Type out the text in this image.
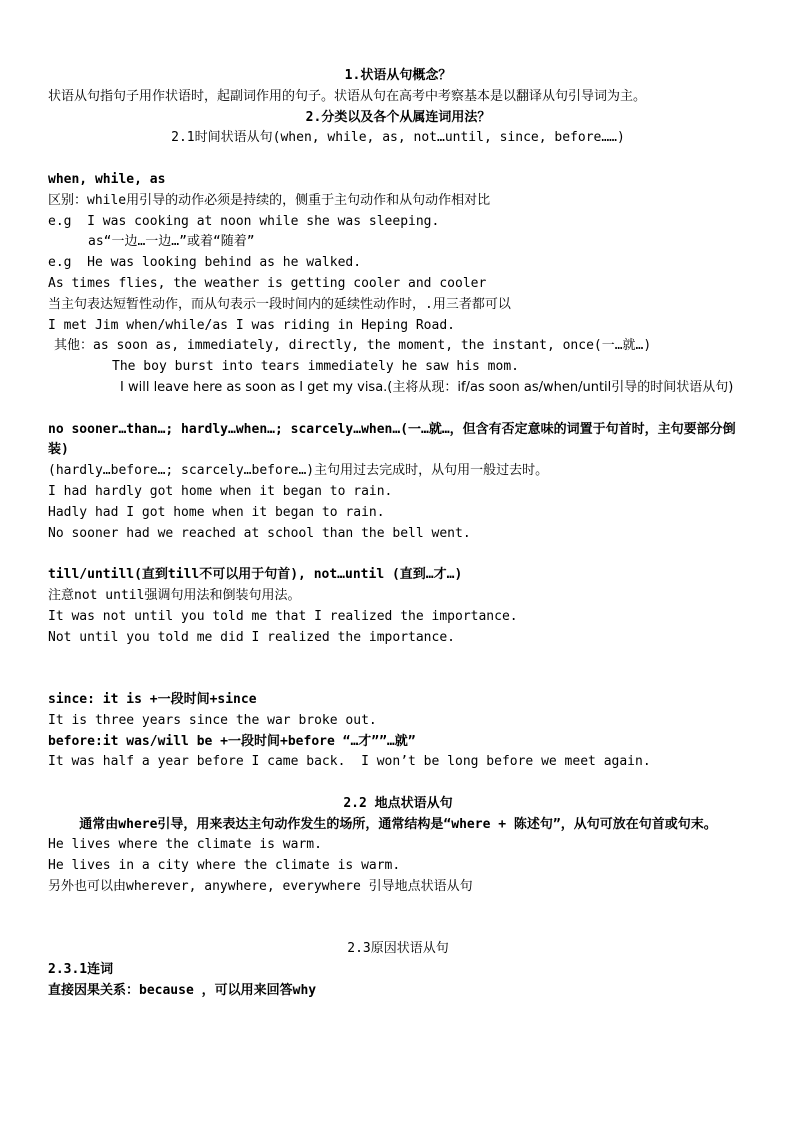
1.状语从句概念？

状语从句指句子用作状语时，起副词作用的句子。状语从句在高考中考察基本是以翻译从句引导词为主。

2.分类以及各个从属连词用法？

2.1时间状语从句(when, while, as, not…until, since, before……)

when, while, as

区别：while用引导的动作必须是持续的，侧重于主句动作和从句动作相对比

e.g  I was cooking at noon while she was sleeping.

as“一边…一边…”或着“随着”

e.g  He was looking behind as he walked.

As times flies, the weather is getting cooler and cooler

当主句表达短暂性动作，而从句表示一段时间内的延续性动作时，.用三者都可以

I met Jim when/while/as I was riding in Heping Road.

其他：as soon as, immediately, directly, the moment, the instant, once(一…就…)

The boy burst into tears immediately he saw his mom.

I will leave here as soon as I get my visa.(主将从现：if/as soon as/when/until引导的时间状语从句)

no sooner…than…; hardly…when…; scarcely…when…(一…就…，但含有否定意味的词置于句首时，主句要部分倒装)

(hardly…before…; scarcely…before…)主句用过去完成时，从句用一般过去时。

I had hardly got home when it began to rain.

Hadly had I got home when it began to rain.

No sooner had we reached at school than the bell went.

till/untill(直到till不可以用于句首), not…until (直到…才…)

注意not until强调句用法和倒装句用法。

It was not until you told me that I realized the importance.

Not until you told me did I realized the importance.

since: it is +一段时间+since

It is three years since the war broke out.

before:it was/will be +一段时间+before “…才””…就”

It was half a year before I came back.  I won’t be long before we meet again.

2.2 地点状语从句

通常由where引导，用来表达主句动作发生的场所，通常结构是“where + 陈述句”，从句可放在句首或句末。

He lives where the climate is warm.

He lives in a city where the climate is warm.

另外也可以由wherever, anywhere, everywhere 引导地点状语从句

2.3原因状语从句

2.3.1连词

直接因果关系：because ，可以用来回答why
